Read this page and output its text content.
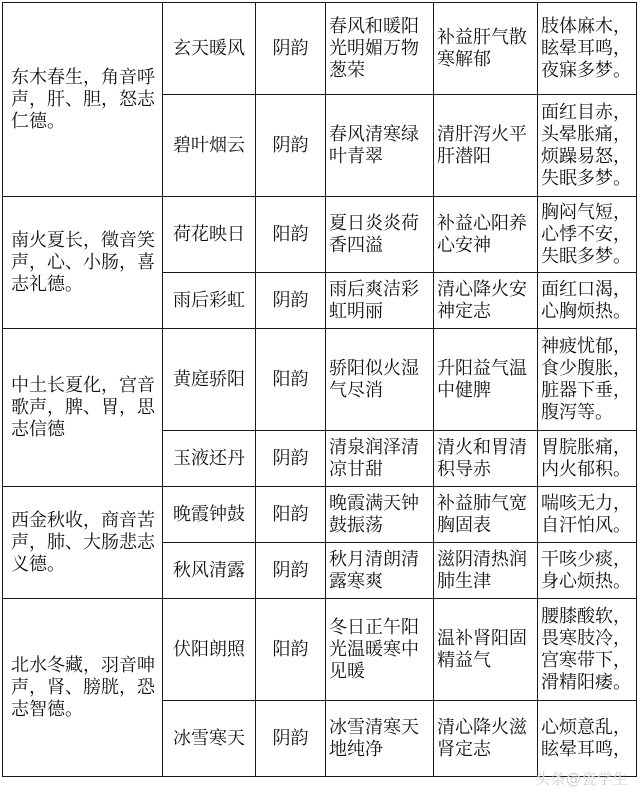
东木春生，角音呼声，肝、胆，怒志仁德。	玄天暖风	阴韵	春风和暖阳光明媚万物葱荣	补益肝气散寒解郁	肢体麻木，眩晕耳鸣，夜寐多梦。
	碧叶烟云	阴韵	春风清寒绿叶青翠	清肝泻火平肝潜阳	面红目赤，头晕胀痛，烦躁易怒，失眠多梦。
南火夏长，徵音笑声，心、小肠，喜志礼德。	荷花映日	阳韵	夏日炎炎荷香四溢	补益心阳养心安神	胸闷气短，心悸不安，失眠多梦。
	雨后彩虹	阴韵	雨后爽洁彩虹明丽	清心降火安神定志	面红口渴，心胸烦热。
中土长夏化，宫音歌声，脾、胃，思志信德	黄庭骄阳	阳韵	骄阳似火湿气尽消	升阳益气温中健脾	神疲忧郁，食少腹胀，脏器下垂，腹泻等。
	玉液还丹	阴韵	清泉润泽清凉甘甜	清火和胃清积导赤	胃脘胀痛，内火郁积。
西金秋收，商音苦声，肺、大肠悲志义德。	晚霞钟鼓	阳韵	晚霞满天钟鼓振荡	补益肺气宽胸固表	喘咳无力，自汗怕风。
	秋风清露	阴韵	秋月清朗清露寒爽	滋阴清热润肺生津	干咳少痰，身心烦热。
北水冬藏，羽音呻声，肾、膀胱，恐志智德。	伏阳朗照	阳韵	冬日正午阳光温暖寒中见暖	温补肾阳固精益气	腰膝酸软，畏寒肢冷，宫寒带下，滑精阳痿。
	冰雪寒天	阴韵	冰雪清寒天地纯净	清心降火滋肾定志	心烦意乱，眩晕耳鸣，
头条@瓷学生
